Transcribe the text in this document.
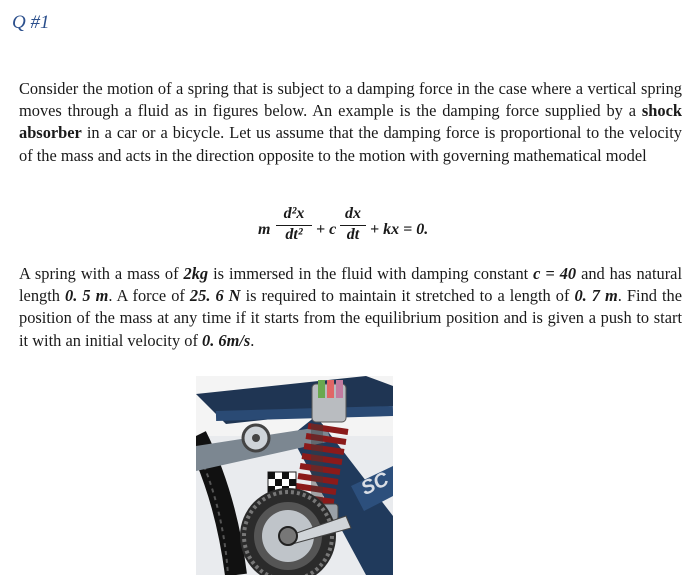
Q #1

Consider the motion of a spring that is subject to a damping force in the case where a vertical spring moves through a fluid as in figures below. An example is the damping force supplied by a shock absorber in a car or a bicycle. Let us assume that the damping force is proportional to the velocity of the mass and acts in the direction opposite to the motion with governing mathematical model

m
d²x
dt² + c
dx
dt + kx = 0.

A spring with a mass of 2kg is immersed in the fluid with damping constant c = 40 and has natural length 0. 5 m. A force of 25. 6 N is required to maintain it stretched to a length of 0. 7 m. Find the position of the mass at any time if it starts from the equilibrium position and is given a push to start it with an initial velocity of 0. 6m/s.

SC
